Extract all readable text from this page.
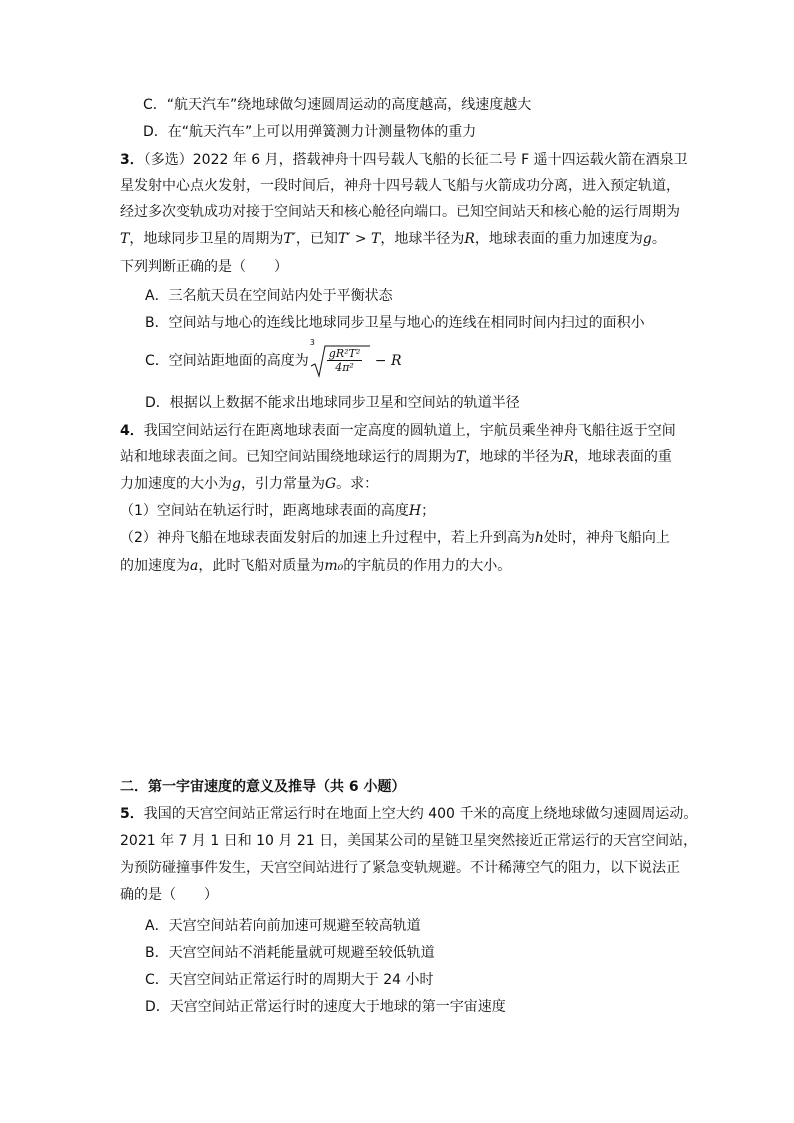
C．“航天汽车”绕地球做匀速圆周运动的高度越高，线速度越大
D．在“航天汽车”上可以用弹簧测力计测量物体的重力
3．（多选）2022 年 6 月，搭载神舟十四号载人飞船的长征二号 F 遥十四运载火箭在酒泉卫
星发射中心点火发射，一段时间后，神舟十四号载人飞船与火箭成功分离，进入预定轨道，
经过多次变轨成功对接于空间站天和核心舱径向端口。已知空间站天和核心舱的运行周期为
T，地球同步卫星的周期为T′，已知T′ > T，地球半径为R，地球表面的重力加速度为g。
下列判断正确的是（　　）
A．三名航天员在空间站内处于平衡状态
B．空间站与地心的连线比地球同步卫星与地心的连线在相同时间内扫过的面积小
C．空间站距地面的高度为
3
$\frac{\text{gR²T²}}{\text{4π²}} - R$
D．根据以上数据不能求出地球同步卫星和空间站的轨道半径
4．我国空间站运行在距离地球表面一定高度的圆轨道上，宇航员乘坐神舟飞船往返于空间
站和地球表面之间。已知空间站围绕地球运行的周期为T，地球的半径为R，地球表面的重
力加速度的大小为g，引力常量为G。求：
（1）空间站在轨运行时，距离地球表面的高度H；
（2）神舟飞船在地球表面发射后的加速上升过程中，若上升到高为h处时，神舟飞船向上
的加速度为a，此时飞船对质量为m₀的宇航员的作用力的大小。
二．第一宇宙速度的意义及推导（共 6 小题）
5．我国的天宫空间站正常运行时在地面上空大约 400 千米的高度上绕地球做匀速圆周运动。
2021 年 7 月 1 日和 10 月 21 日，美国某公司的星链卫星突然接近正常运行的天宫空间站，
为预防碰撞事件发生，天宫空间站进行了紧急变轨规避。不计稀薄空气的阻力，以下说法正
确的是（　　）
A．天宫空间站若向前加速可规避至较高轨道
B．天宫空间站不消耗能量就可规避至较低轨道
C．天宫空间站正常运行时的周期大于 24 小时
D．天宫空间站正常运行时的速度大于地球的第一宇宙速度
